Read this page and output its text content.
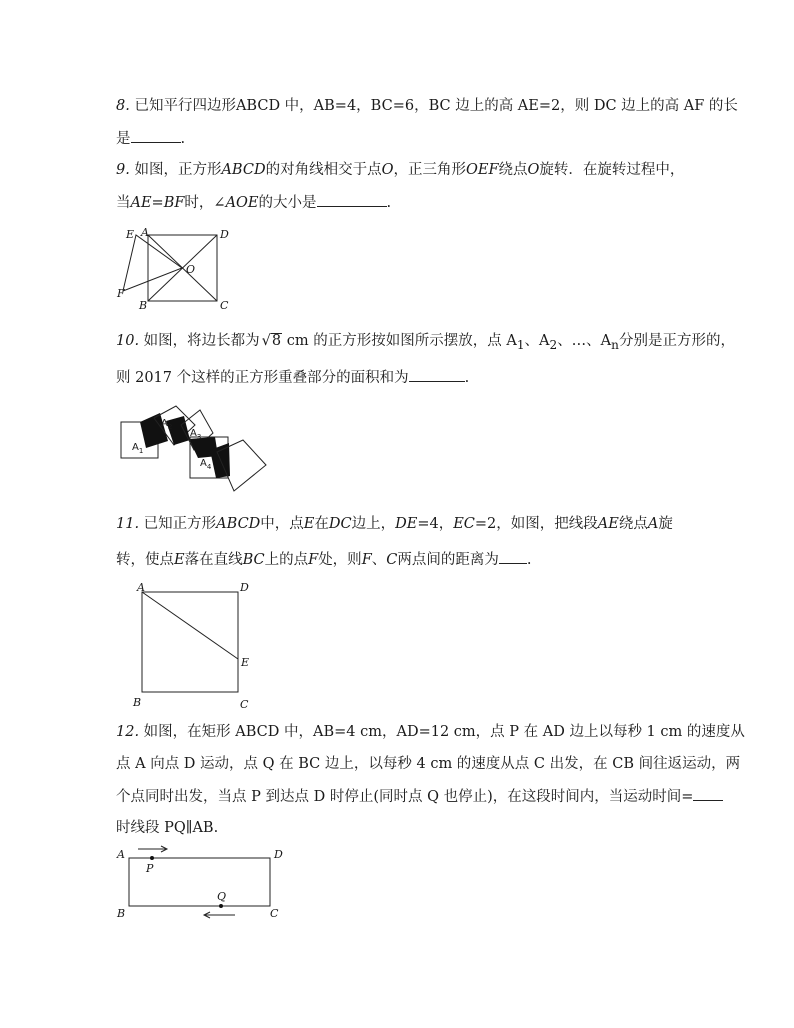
8. 已知平行四边形ABCD 中，AB=4，BC=6，BC 边上的高 AE=2，则 DC 边上的高 AF 的长
是	.
9. 如图，正方形ABCD的对角线相交于点O，正三角形OEF绕点O旋转．在旋转过程中，
当AE=BF时，∠AOE的大小是	.
E A	D
O
F
B	C
10. 如图，将边长都为 √8 cm 的正方形按如图所示摆放，点 $A_1$、$A_2$、…、$A_n$分别是正方形的，
则 2017 个这样的正方形重叠部分的面积和为	.
$A_1$
$A_2$
$A_3$
$A_4$
11. 已知正方形ABCD中，点E在DC边上，DE=4，EC=2，如图，把线段AE绕点A旋
转，使点E落在直线BC上的点F处，则F、C两点间的距离为 .
A	D
E
B	C
12. 如图，在矩形 ABCD 中，AB=4 cm，AD=12 cm，点 P 在 AD 边上以每秒 1 cm 的速度从
点 A 向点 D 运动，点 Q 在 BC 边上，以每秒 4 cm 的速度从点 C 出发，在 CB 间往返运动，两
个点同时出发，当点 P 到达点 D 时停止(同时点 Q 也停止)，在这段时间内，当运动时间=
时线段 PQ∥AB.
A	D
P
Q
B	C
